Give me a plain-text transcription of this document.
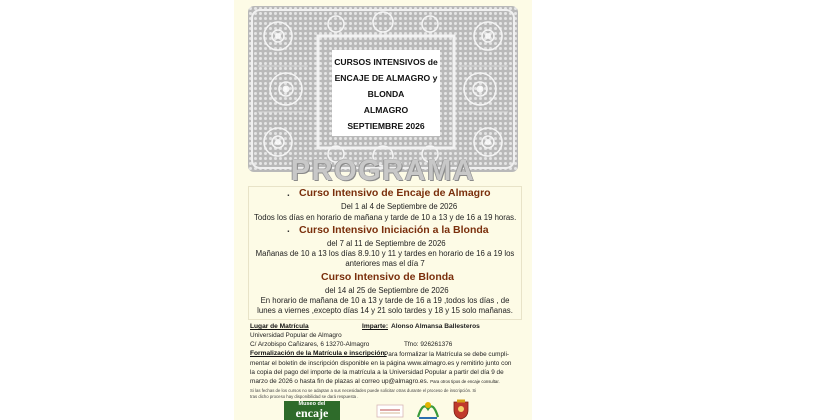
CURSOS INTENSIVOS de
ENCAJE DE ALMAGRO y
BLONDA
ALMAGRO
SEPTIEMBRE 2026
PROGRAMA
. Curso Intensivo de Encaje de Almagro
Del 1 al 4 de Septiembre de 2026
Todos los días en horario de mañana y tarde de 10 a 13 y de 16 a 19 horas.
. Curso Intensivo Iniciación a la Blonda
del 7 al 11 de Septiembre de 2026
Mañanas de 10 a 13 los días 8.9.10 y 11 y tardes en horario de 16 a 19 los
anteriores mas el día 7
Curso Intensivo de Blonda
del 14 al 25 de Septiembre de 2026
En horario de mañana de 10 a 13 y tarde de 16 a 19 ,todos los días , de
lunes a viernes ,excepto días 14 y 21 solo tardes y 18 y 15 solo mañanas.
Lugar de Matrícula	Imparte: Alonso Almansa Ballesteros
Universidad Popular de Almagro
C/ Arzobispo Cañizares, 6 13270-Almagro	Tfno: 926261376
Formalización de la Matrícula e inscripción:
Para formalizar la Matrícula se debe cumpli-
mentar el boletín de inscripción disponible en la página www.almagro.es y remitirlo junto con
la copia del pago del importe de la matrícula a la Universidad Popular a partir del día 9 de
marzo de 2026 o hasta fin de plazas al correo up@almagro.es. Para otros tipos de encaje consultar.
Si las fechas de los cursos no se adaptan a sus necesidades puede solicitar otras durante el proceso de inscripción. Si
tras dicho proceso hay disponibilidad se dará respuesta .
Museo del
encaje
